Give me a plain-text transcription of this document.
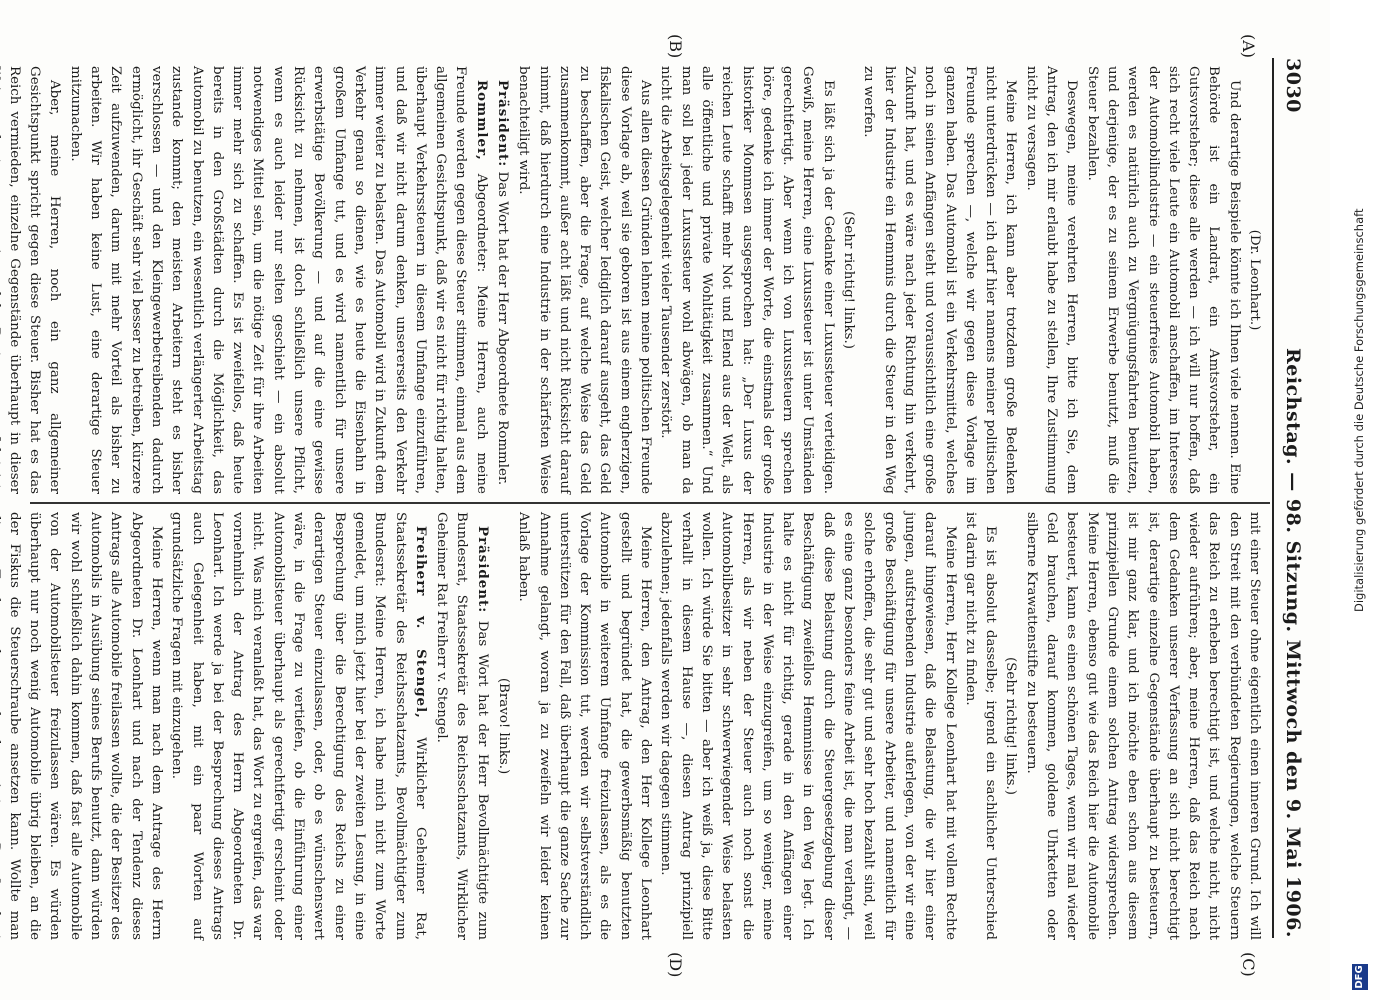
3030
Reichstag. — 98. Sitzung.
Mittwoch den 9. Mai 1906.
(A)
(B)
(C)
(D)

(Dr. Leonhart.)

Und derartige Beispiele könnte ich Ihnen viele nennen. Eine Behörde ist ein Landrat, ein Amtsvorsteher, ein Gutsvorsteher; diese alle werden — ich will nur hoffen, daß sich recht viele Leute ein Automobil anschaffen, im Interesse der Automobilindustrie — ein steuerfreies Automobil haben, werden es natürlich auch zu Vergnügungsfahrten benutzen, und derjenige, der es zu seinem Erwerbe benutzt, muß die Steuer bezahlen.

Deswegen, meine verehrten Herren, bitte ich Sie, dem Antrag, den ich mir erlaubt habe zu stellen, Ihre Zustimmung nicht zu versagen.

Meine Herren, ich kann aber trotzdem große Bedenken nicht unterdrücken — ich darf hier namens meiner politischen Freunde sprechen —, welche wir gegen diese Vorlage im ganzen haben. Das Automobil ist ein Verkehrsmittel, welches noch in seinen Anfängen steht und voraussichtlich eine große Zukunft hat, und es wäre nach jeder Richtung hin verkehrt, hier der Industrie ein Hemmnis durch die Steuer in den Weg zu werfen.

(Sehr richtig! links.)

Es läßt sich ja der Gedanke einer Luxussteuer verteidigen. Gewiß, meine Herren, eine Luxussteuer ist unter Umständen gerechtfertigt. Aber wenn ich von Luxussteuern sprechen höre, gedenke ich immer der Worte, die einstmals der große historiker Mommsen ausgesprochen hat: „Der Luxus der reichen Leute schafft mehr Not und Elend aus der Welt, als alle öffentliche und private Wohltätigkeit zusammen.“ Und man soll bei jeder Luxussteuer wohl abwägen, ob man da nicht die Arbeitsgelegenheit vieler Tausender zerstört.

Aus allen diesen Gründen lehnen meine politischen Freunde diese Vorlage ab, weil sie geboren ist aus einem engherzigen, fiskalischen Geist, welcher lediglich darauf ausgeht, das Geld zu beschaffen, aber die Frage, auf welche Weise das Geld zusammenkommt, außer acht läßt und nicht Rücksicht darauf nimmt, daß hierdurch eine Industrie in der schärfsten Weise benachteiligt wird.

Präsident: Das Wort hat der Herr Abgeordnete Rommler.

Rommler, Abgeordneter: Meine Herren, auch meine Freunde werden gegen diese Steuer stimmen, einmal aus dem allgemeinen Gesichtspunkt, daß wir es nicht für richtig halten, überhaupt Verkehrssteuern in diesem Umfange einzuführen, und daß wir nicht darum denken, unsererseits den Verkehr immer weiter zu belasten. Das Automobil wird in Zukunft dem Verkehr genau so dienen, wie es heute die Eisenbahn in großem Umfange tut, und es wird namentlich für unsere erwerbstätige Bevölkerung — und auf die eine gewisse Rücksicht zu nehmen, ist doch schließlich unsere Pflicht, wenn es auch leider nur selten geschieht — ein absolut notwendiges Mittel sein, um die nötige Zeit für ihre Arbeiten immer mehr sich zu schaffen. Es ist zweifellos, daß heute bereits in den Großstädten durch die Möglichkeit, das Automobil zu benutzen, ein wesentlich verlängerter Arbeitstag zustande kommt; den meisten Arbeitern steht es bisher verschlossen — und den Kleingewerbetreibenden dadurch ermöglicht, ihr Geschäft sehr viel besser zu betreiben, kürzere Zeit aufzuwenden, darum mit mehr Vorteil als bisher zu arbeiten. Wir haben keine Lust, eine derartige Steuer mitzumachen.

Aber, meine Herren, noch ein ganz allgemeiner Gesichtspunkt spricht gegen diese Steuer. Bisher hat es das Reich vermieden, einzelne Gegenstände überhaupt in dieser

mit einer Steuer ohne eigentlich einen inneren Grund. Ich will den Streit mit den verbündeten Regierungen, welche Steuern das Reich zu erheben berechtigt ist, und welche nicht, nicht wieder aufrühren; aber, meine Herren, daß das Reich nach dem Gedanken unserer Verfassung an sich nicht berechtigt ist, derartige einzelne Gegenstände überhaupt zu besteuern, ist mir ganz klar, und ich möchte eben schon aus diesem prinzipiellen Grunde einem solchen Antrag widersprechen. Meine Herren, ebenso gut wie das Reich hier die Automobile besteuert, kann es einen schönen Tages, wenn wir mal wieder Geld brauchen, darauf kommen, goldene Uhrketten oder silberne Krawattenstifte zu besteuern.

(Sehr richtig! links.)

Es ist absolut dasselbe; irgend ein sachlicher Unterschied ist darin gar nicht zu finden.

Meine Herren, Herr Kollege Leonhart hat mit vollem Rechte darauf hingewiesen, daß die Belastung, die wir hier einer jungen, aufstrebenden Industrie auferlegen, von der wir eine große Beschäftigung für unsere Arbeiter, und namentlich für solche erhoffen, die sehr gut und sehr hoch bezahlt sind, weil es eine ganz besonders feine Arbeit ist, die man verlangt, — daß diese Belastung durch die Steuergesetzgebung dieser Beschäftigung zweifellos Hemmnisse in den Weg legt. Ich halte es nicht für richtig, gerade in den Anfängen einer Industrie in der Weise einzugreifen, um so weniger, meine Herren, als wir neben der Steuer auch noch sonst die Automobilbesitzer in sehr schwerwiegender Weise belasten wollen. Ich würde Sie bitten — aber ich weiß ja, diese Bitte verhallt in diesem Hause —, diesen Antrag prinzipiell abzulehnen; jedenfalls werden wir dagegen stimmen.

Meine Herren, den Antrag, den Herr Kollege Leonhart gestellt und begründet hat, die gewerbsmäßig benutzten Automobile in weiterem Umfange freizulassen, als es die Vorlage der Kommission tut, werden wir selbstverständlich unterstützen für den Fall, daß überhaupt die ganze Sache zur Annahme gelangt, woran ja zu zweifeln wir leider keinen Anlaß haben.

(Bravo! links.)

Präsident: Das Wort hat der Herr Bevollmächtigte zum Bundesrat, Staatssekretär des Reichsschatzamts, Wirklicher Geheimer Rat Freiherr v. Stengel.

Freiherr v. Stengel, Wirklicher Geheimer Rat, Staatssekretär des Reichsschatzamts, Bevollmächtigter zum Bundesrat: Meine Herren, ich habe mich nicht zum Worte gemeldet, um mich jetzt hier bei der zweiten Lesung, in eine Besprechung über die Berechtigung des Reichs zu einer derartigen Steuer einzulassen, oder, ob es wünschenswert wäre, in die Frage zu vertiefen, ob die Einführung einer Automobilsteuer überhaupt als gerechtfertigt erscheint oder nicht. Was mich veranlaßt hat, das Wort zu ergreifen, das war vornehmlich der Antrag des Herrn Abgeordneten Dr. Leonhart. Ich werde ja bei der Besprechung dieses Antrags auch Gelegenheit haben, mit ein paar Worten auf grundsätzliche Fragen mit einzugehen.

Meine Herren, wenn man nach dem Antrage des Herrn Abgeordneten Dr. Leonhart und nach der Tendenz dieses Antrags alle Automobile freilassen wollte, die der Besitzer des Automobils in Ausübung seines Berufs benutzt, dann würden wir wohl schließlich dahin kommen, daß fast alle Automobile von der Automobilsteuer freizulassen wären. Es würden überhaupt nur noch wenig Automobile übrig bleiben, an die der Fiskus die Steuerschraube ansetzen kann. Wollte man

Digitalisierung gefördert durch die Deutsche Forschungsgemeinschaft
DFG
